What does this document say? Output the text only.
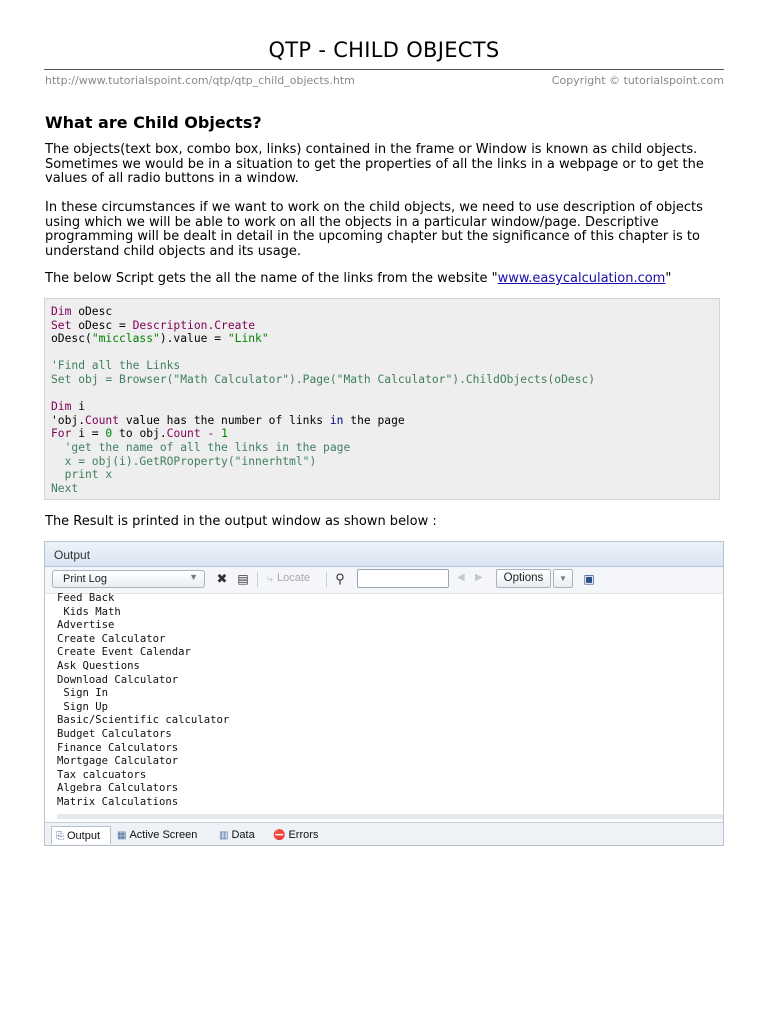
QTP - CHILD OBJECTS
http://www.tutorialspoint.com/qtp/qtp_child_objects.htm	Copyright © tutorialspoint.com
What are Child Objects?
The objects(text box, combo box, links) contained in the frame or Window is known as child objects. Sometimes we would be in a situation to get the properties of all the links in a webpage or to get the values of all radio buttons in a window.
In these circumstances if we want to work on the child objects, we need to use description of objects using which we will be able to work on all the objects in a particular window/page. Descriptive programming will be dealt in detail in the upcoming chapter but the significance of this chapter is to understand child objects and its usage.
The below Script gets the all the name of the links from the website "www.easycalculation.com"
Dim oDesc
Set oDesc = Description.Create
oDesc("micclass").value = "Link"

'Find all the Links
Set obj = Browser("Math Calculator").Page("Math Calculator").ChildObjects(oDesc)

Dim i
'obj.Count value has the number of links in the page
For i = 0 to obj.Count - 1
'get the name of all the links in the page
x = obj(i).GetROProperty("innerhtml")
print x
Next
The Result is printed in the output window as shown below :
Output
Print Log	▼ ✖ ▤	⤷ Locate ⚲	◀ ▶	Options	▼	▣
Feed Back
Kids Math
Advertise
Create Calculator
Create Event Calendar
Ask Questions
Download Calculator
Sign In
Sign Up
Basic/Scientific calculator
Budget Calculators
Finance Calculators
Mortgage Calculator
Tax calcuators
Algebra Calculators
Matrix Calculations
⎘ Output	▦ Active Screen	▥ Data	⛔ Errors
